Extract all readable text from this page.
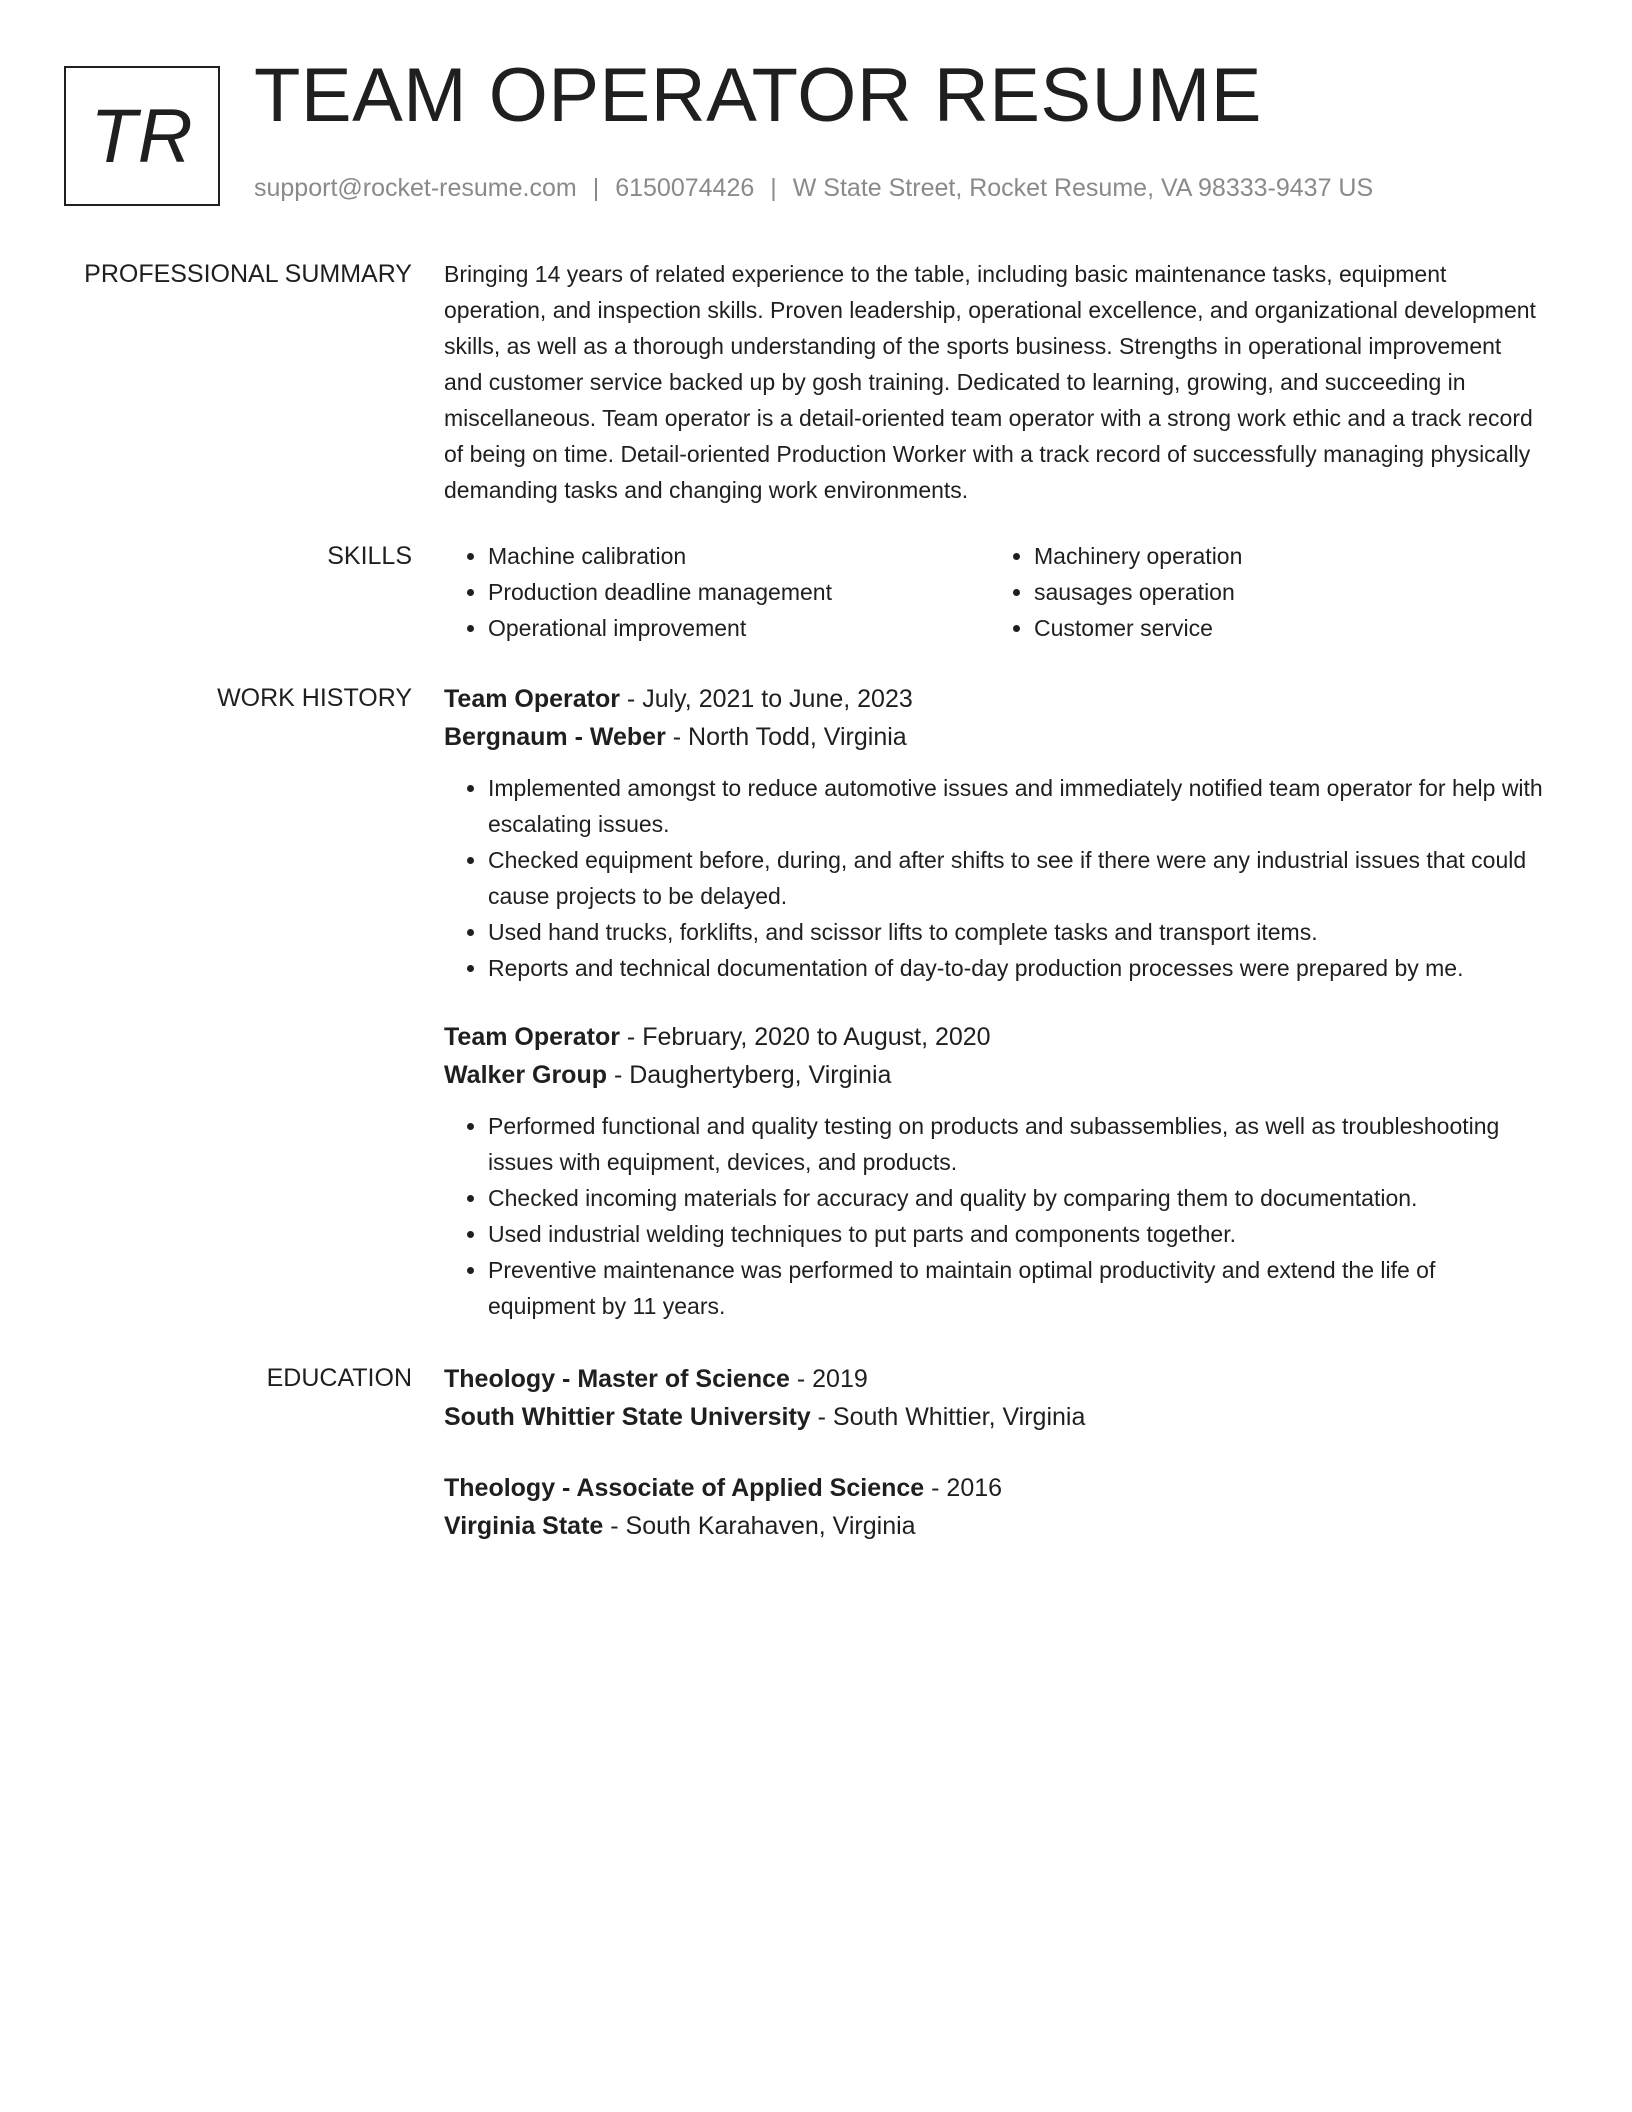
TR TEAM OPERATOR RESUME
support@rocket-resume.com | 6150074426 | W State Street, Rocket Resume, VA 98333-9437 US
PROFESSIONAL SUMMARY Bringing 14 years of related experience to the table, including basic maintenance tasks, equipment operation, and inspection skills. Proven leadership, operational excellence, and organizational development skills, as well as a thorough understanding of the sports business. Strengths in operational improvement and customer service backed up by gosh training. Dedicated to learning, growing, and succeeding in miscellaneous. Team operator is a detail-oriented team operator with a strong work ethic and a track record of being on time. Detail-oriented Production Worker with a track record of successfully managing physically demanding tasks and changing work environments.

SKILLS
•	Machine calibration
• Production deadline management
• Operational improvement
• Machinery operation
• sausages operation
• Customer service
WORK HISTORY Team Operator - July, 2021 to June, 2023
Bergnaum - Weber - North Todd, Virginia
• Implemented amongst to reduce automotive issues and immediately notified team operator for help with escalating issues.
• Checked equipment before, during, and after shifts to see if there were any industrial issues that could cause projects to be delayed.
• Used hand trucks, forklifts, and scissor lifts to complete tasks and transport items.
• Reports and technical documentation of day-to-day production processes were prepared by me.
Team Operator - February, 2020 to August, 2020
Walker Group - Daughertyberg, Virginia
• Performed functional and quality testing on products and subassemblies, as well as troubleshooting issues with equipment, devices, and products.
• Checked incoming materials for accuracy and quality by comparing them to documentation.
• Used industrial welding techniques to put parts and components together.
• Preventive maintenance was performed to maintain optimal productivity and extend the life of equipment by 11 years.
EDUCATION Theology - Master of Science - 2019
South Whittier State University - South Whittier, Virginia
Theology - Associate of Applied Science - 2016
Virginia State - South Karahaven, Virginia
